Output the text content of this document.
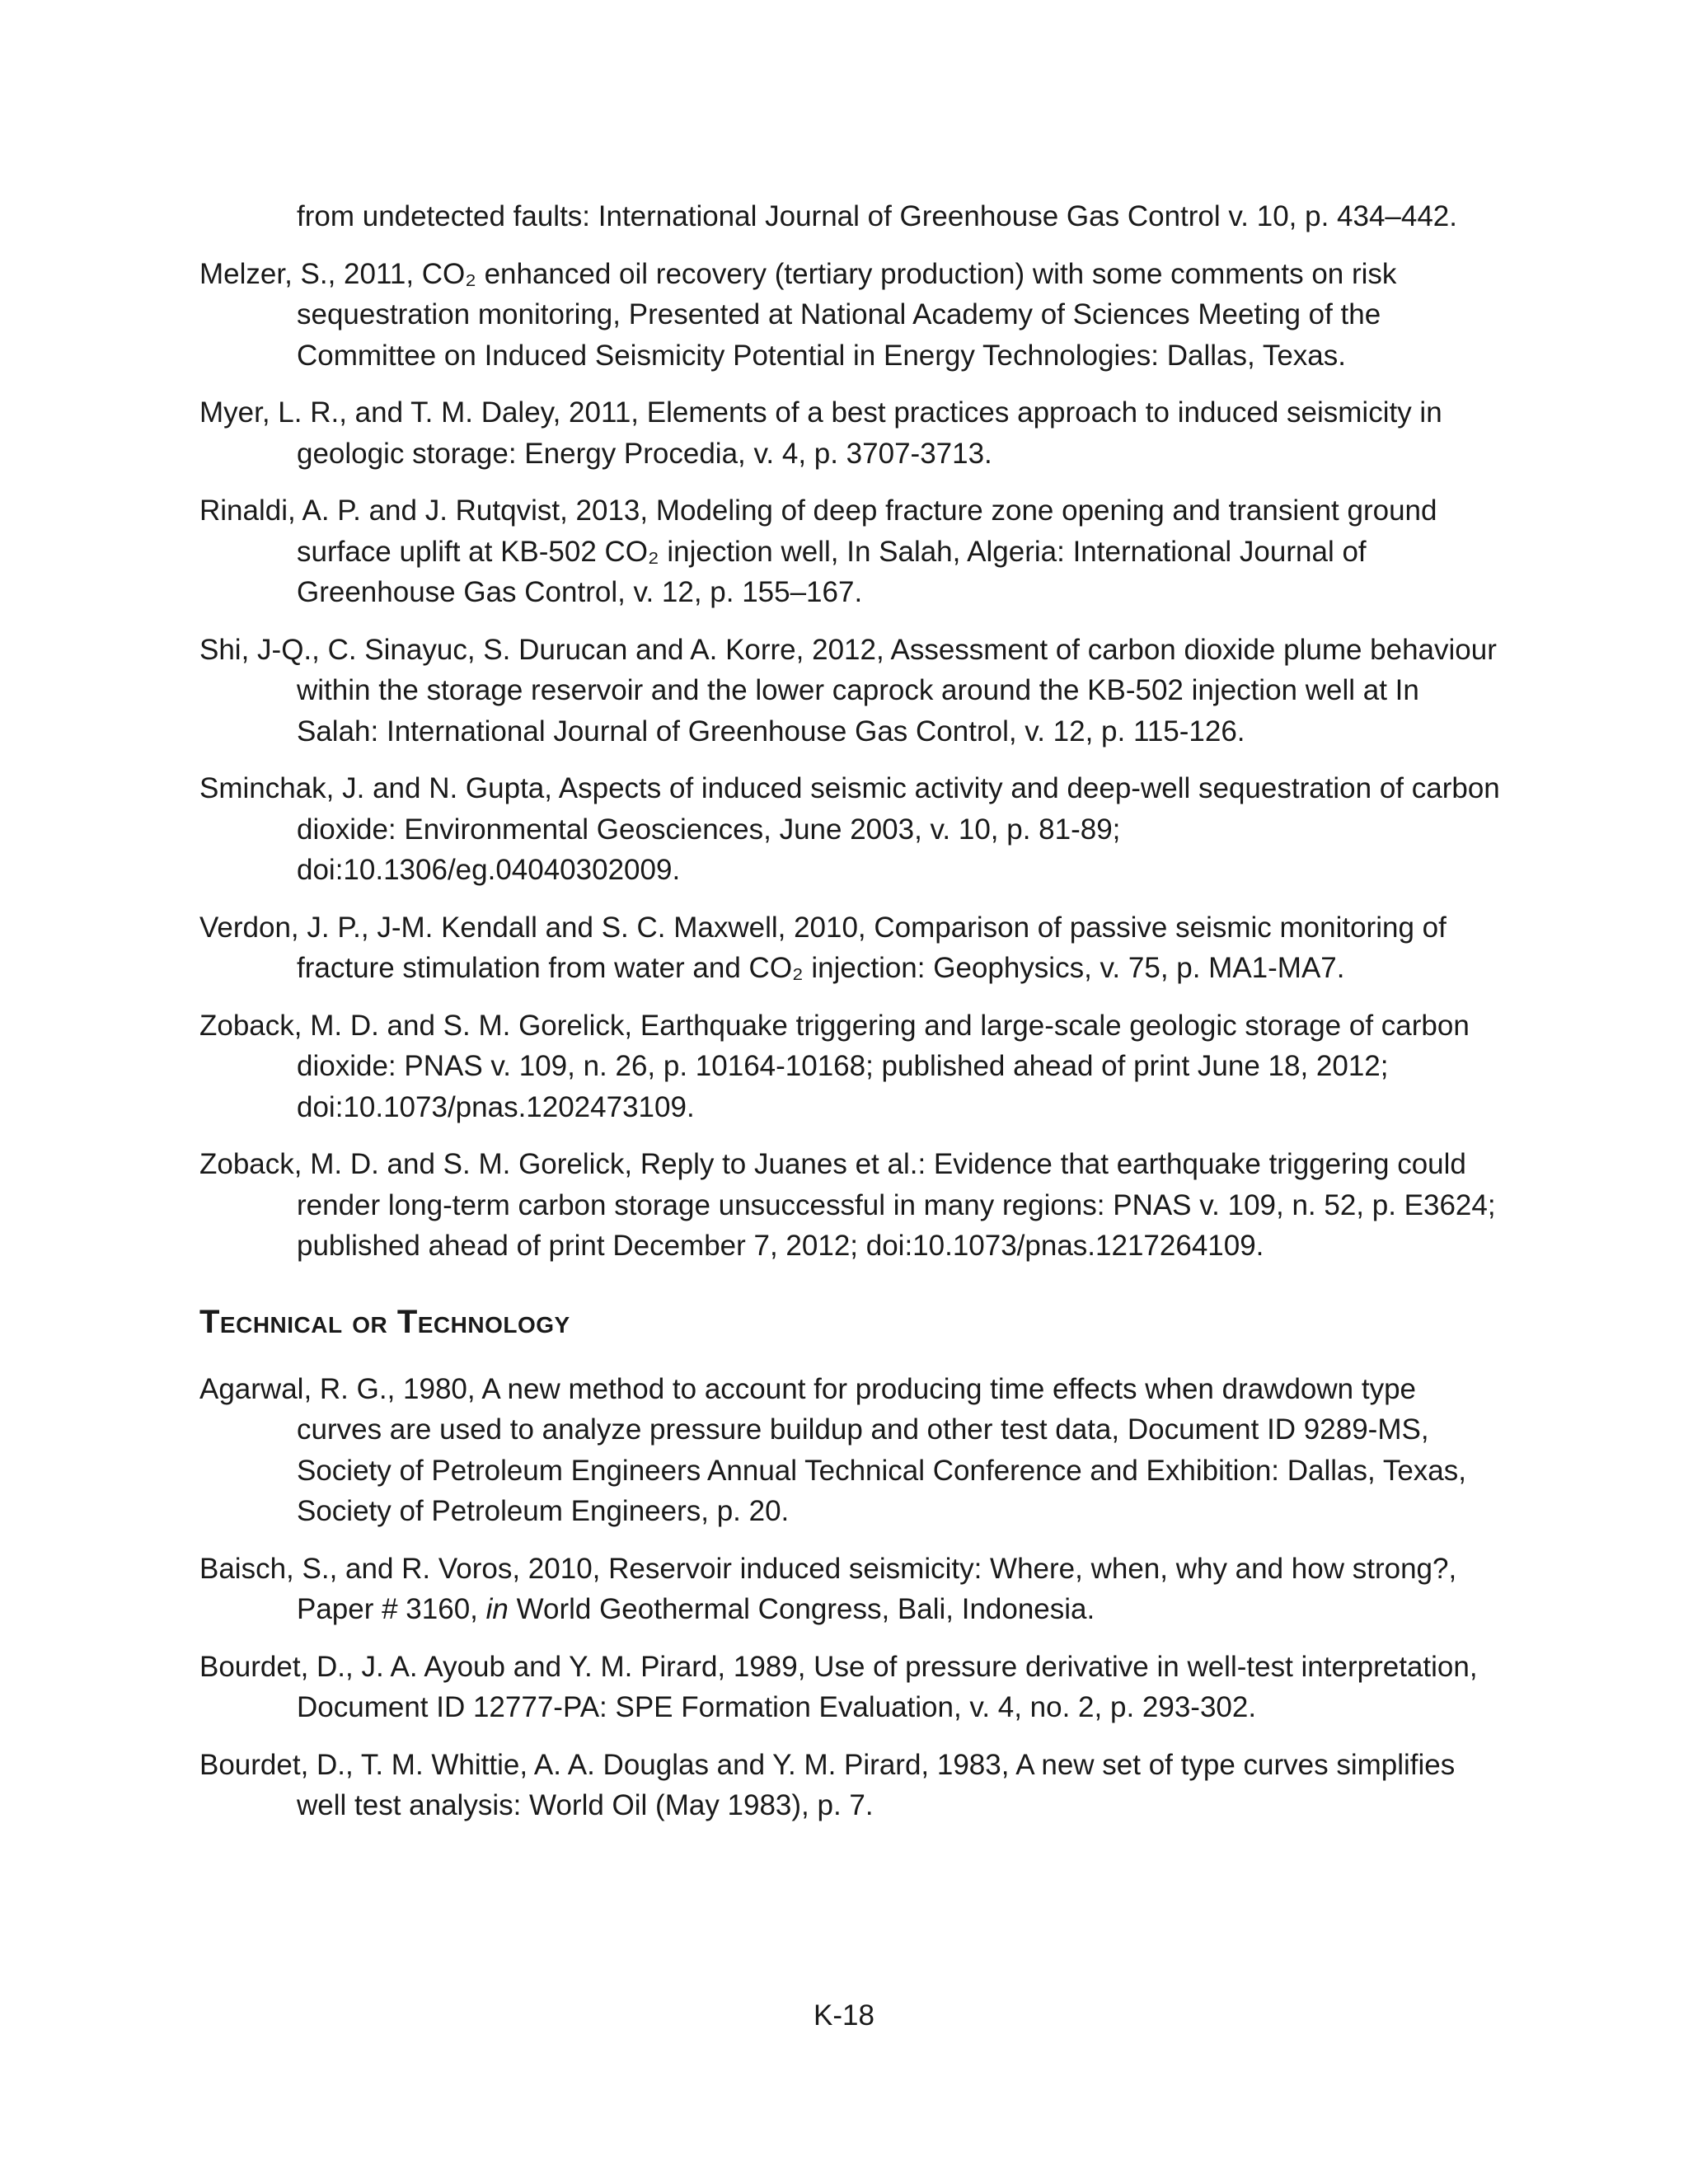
from undetected faults: International Journal of Greenhouse Gas Control v. 10, p. 434–442.

Melzer, S., 2011, CO₂ enhanced oil recovery (tertiary production) with some comments on risk sequestration monitoring, Presented at National Academy of Sciences Meeting of the Committee on Induced Seismicity Potential in Energy Technologies: Dallas, Texas.

Myer, L. R., and T. M. Daley, 2011, Elements of a best practices approach to induced seismicity in geologic storage: Energy Procedia, v. 4, p. 3707-3713.

Rinaldi, A. P. and J. Rutqvist, 2013, Modeling of deep fracture zone opening and transient ground surface uplift at KB-502 CO₂ injection well, In Salah, Algeria: International Journal of Greenhouse Gas Control, v. 12, p. 155–167.

Shi, J-Q., C. Sinayuc, S. Durucan and A. Korre, 2012, Assessment of carbon dioxide plume behaviour within the storage reservoir and the lower caprock around the KB-502 injection well at In Salah: International Journal of Greenhouse Gas Control, v. 12, p. 115-126.

Sminchak, J. and N. Gupta, Aspects of induced seismic activity and deep-well sequestration of carbon dioxide: Environmental Geosciences, June 2003, v. 10, p. 81-89; doi:10.1306/eg.04040302009.

Verdon, J. P., J-M. Kendall and S. C. Maxwell, 2010, Comparison of passive seismic monitoring of fracture stimulation from water and CO₂ injection: Geophysics, v. 75, p. MA1-MA7.

Zoback, M. D. and S. M. Gorelick, Earthquake triggering and large-scale geologic storage of carbon dioxide: PNAS v. 109, n. 26, p. 10164-10168; published ahead of print June 18, 2012; doi:10.1073/pnas.1202473109.

Zoback, M. D. and S. M. Gorelick, Reply to Juanes et al.: Evidence that earthquake triggering could render long-term carbon storage unsuccessful in many regions: PNAS v. 109, n. 52, p. E3624; published ahead of print December 7, 2012; doi:10.1073/pnas.1217264109.

Technical or Technology

Agarwal, R. G., 1980, A new method to account for producing time effects when drawdown type curves are used to analyze pressure buildup and other test data, Document ID 9289-MS, Society of Petroleum Engineers Annual Technical Conference and Exhibition: Dallas, Texas, Society of Petroleum Engineers, p. 20.

Baisch, S., and R. Voros, 2010, Reservoir induced seismicity: Where, when, why and how strong?, Paper # 3160, in World Geothermal Congress, Bali, Indonesia.

Bourdet, D., J. A. Ayoub and Y. M. Pirard, 1989, Use of pressure derivative in well-test interpretation, Document ID 12777-PA: SPE Formation Evaluation, v. 4, no. 2, p. 293-302.

Bourdet, D., T. M. Whittie, A. A. Douglas and Y. M. Pirard, 1983, A new set of type curves simplifies well test analysis: World Oil (May 1983), p. 7.

K-18
